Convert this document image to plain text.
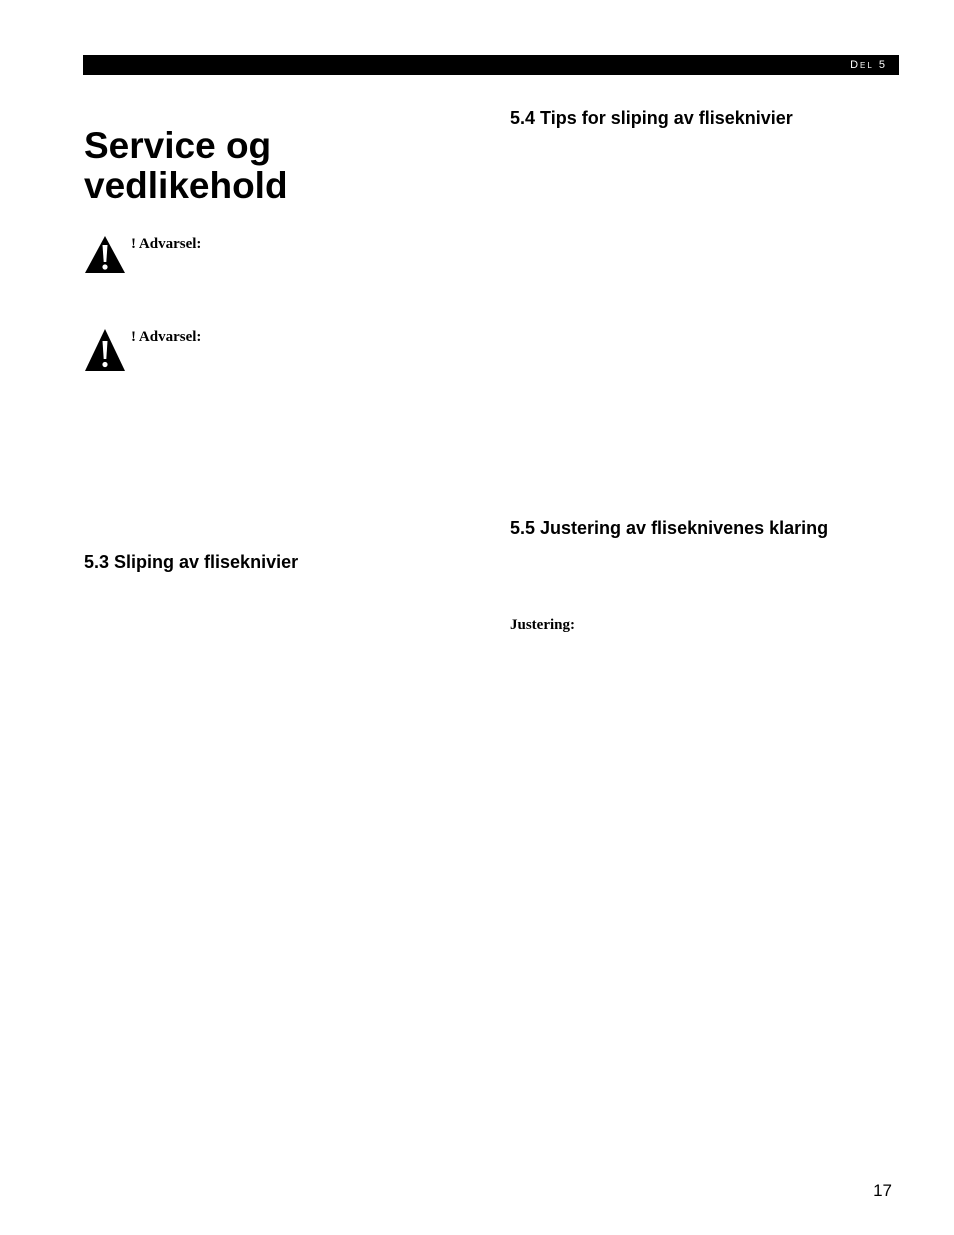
DEL 5
Service og vedlikehold
! Advarsel:
! Advarsel:
5.3 Sliping av fliseknivier
5.4 Tips for sliping av fliseknivier
5.5 Justering av fliseknivenes klaring
Justering:
17
